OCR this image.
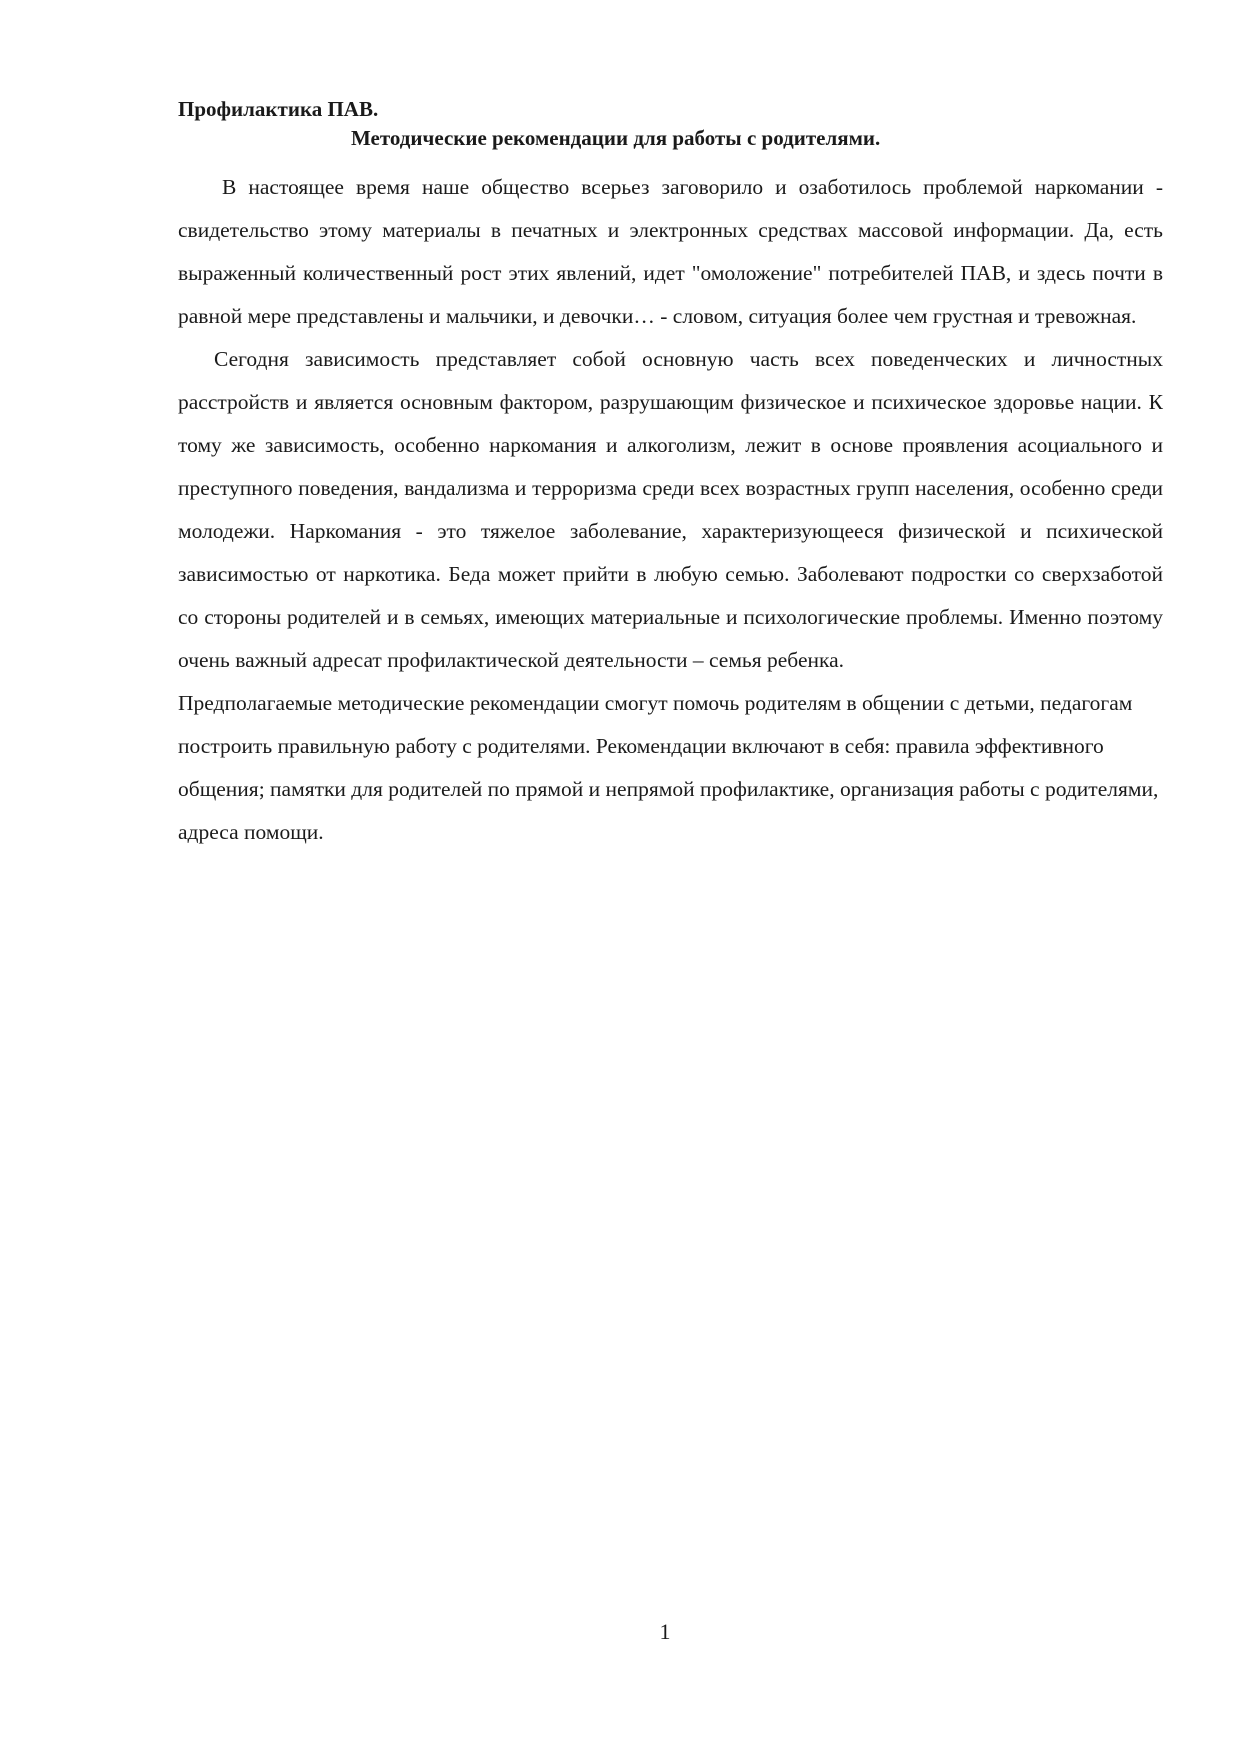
Профилактика ПАВ.

Методические рекомендации для работы с родителями.

В настоящее время наше общество всерьез заговорило и озаботилось проблемой наркомании - свидетельство этому материалы в печатных и электронных средствах массовой информации. Да, есть выраженный количественный рост этих явлений, идет "омоложение" потребителей ПАВ, и здесь почти в равной мере представлены и мальчики, и девочки… - словом, ситуация более чем грустная и тревожная.

Сегодня зависимость представляет собой основную часть всех поведенческих и личностных расстройств и является основным фактором, разрушающим физическое и психическое здоровье нации. К тому же зависимость, особенно наркомания и алкоголизм, лежит в основе проявления асоциального и преступного поведения, вандализма и терроризма среди всех возрастных групп населения, особенно среди молодежи. Наркомания - это тяжелое заболевание, характеризующееся физической и психической зависимостью от наркотика. Беда может прийти в любую семью. Заболевают подростки со сверхзаботой со стороны родителей и в семьях, имеющих материальные и психологические проблемы. Именно поэтому очень важный адресат профилактической деятельности – семья ребенка.

Предполагаемые методические рекомендации смогут помочь родителям в общении с детьми, педагогам построить правильную работу с родителями. Рекомендации включают в себя: правила эффективного общения; памятки для родителей по прямой и непрямой профилактике, организация работы с родителями, адреса помощи.

1
